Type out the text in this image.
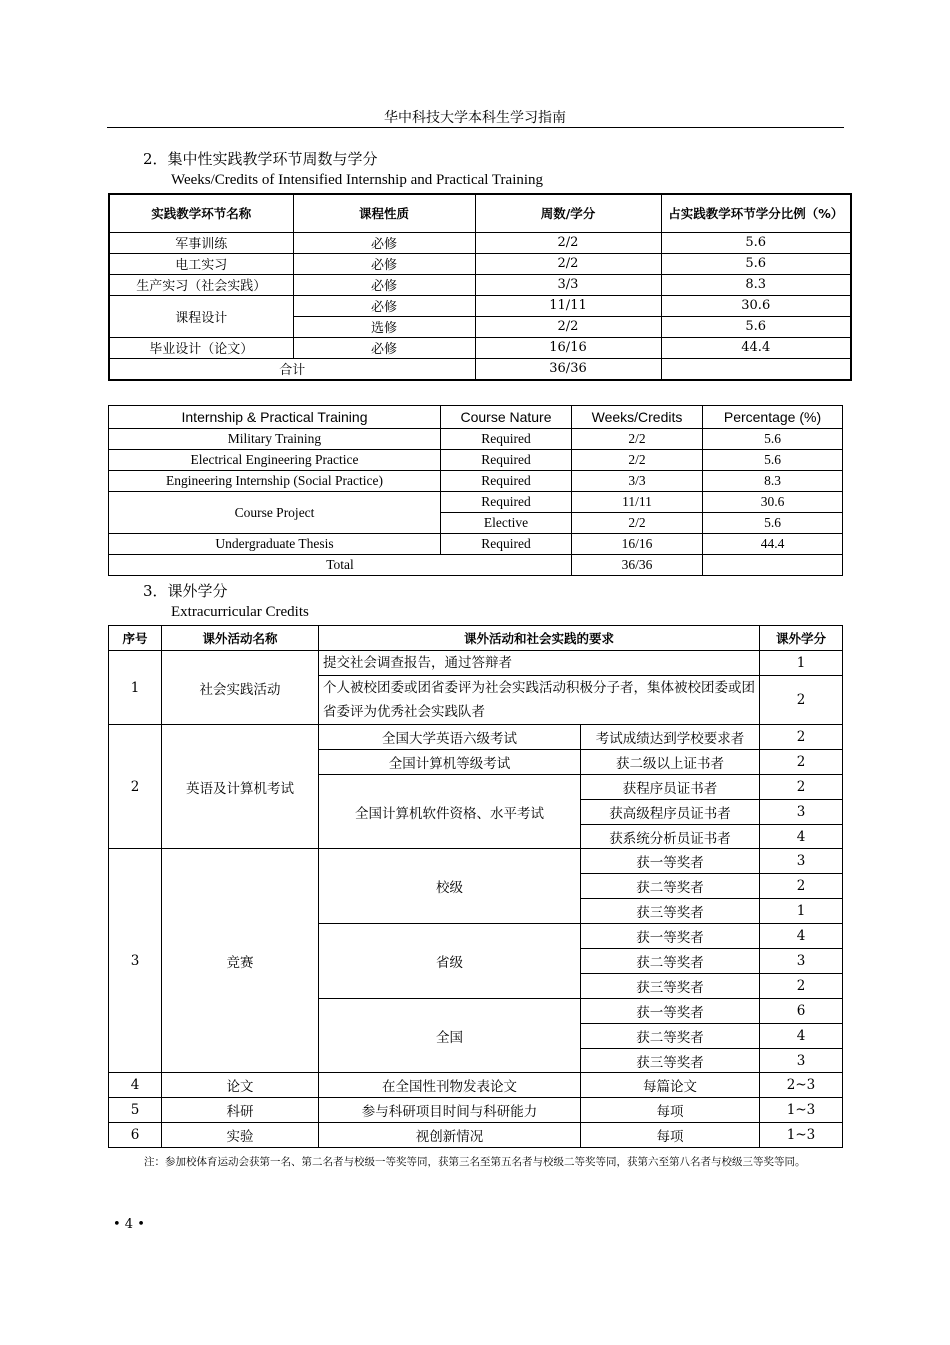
华中科技大学本科生学习指南
2．集中性实践教学环节周数与学分
Weeks/Credits of Intensified Internship and Practical Training
实践教学环节名称	课程性质	周数/学分	占实践教学环节学分比例（%）
军事训练	必修	2/2	5.6
电工实习	必修	2/2	5.6
生产实习（社会实践）	必修	3/3	8.3
课程设计	必修	11/11	30.6
	选修	2/2	5.6
毕业设计（论文）	必修	16/16	44.4
合计		36/36	
Internship & Practical Training	Course Nature	Weeks/Credits	Percentage (%)
Military Training	Required	2/2	5.6
Electrical Engineering Practice	Required	2/2	5.6
Engineering Internship (Social Practice)	Required	3/3	8.3
Course Project	Required	11/11	30.6
	Elective	2/2	5.6
Undergraduate Thesis	Required	16/16	44.4
Total		36/36	
3．课外学分
Extracurricular Credits
序号	课外活动名称	课外活动和社会实践的要求		课外学分
1	社会实践活动	提交社会调查报告，通过答辩者		1
		个人被校团委或团省委评为社会实践活动积极分子者，集体被校团委或团省委评为优秀社会实践队者		2
2	英语及计算机考试	全国大学英语六级考试	考试成绩达到学校要求者	2
		全国计算机等级考试	获二级以上证书者	2
		全国计算机软件资格、水平考试	获程序员证书者	2
			获高级程序员证书者	3
			获系统分析员证书者	4
3	竞赛	校级	获一等奖者	3
			获二等奖者	2
			获三等奖者	1
		省级	获一等奖者	4
			获二等奖者	3
			获三等奖者	2
		全国	获一等奖者	6
			获二等奖者	4
			获三等奖者	3
4	论文	在全国性刊物发表论文	每篇论文	2~3
5	科研	参与科研项目时间与科研能力	每项	1~3
6	实验	视创新情况	每项	1~3
注：参加校体育运动会获第一名、第二名者与校级一等奖等同，获第三名至第五名者与校级二等奖等同，获第六至第八名者与校级三等奖等同。
• 4 •
